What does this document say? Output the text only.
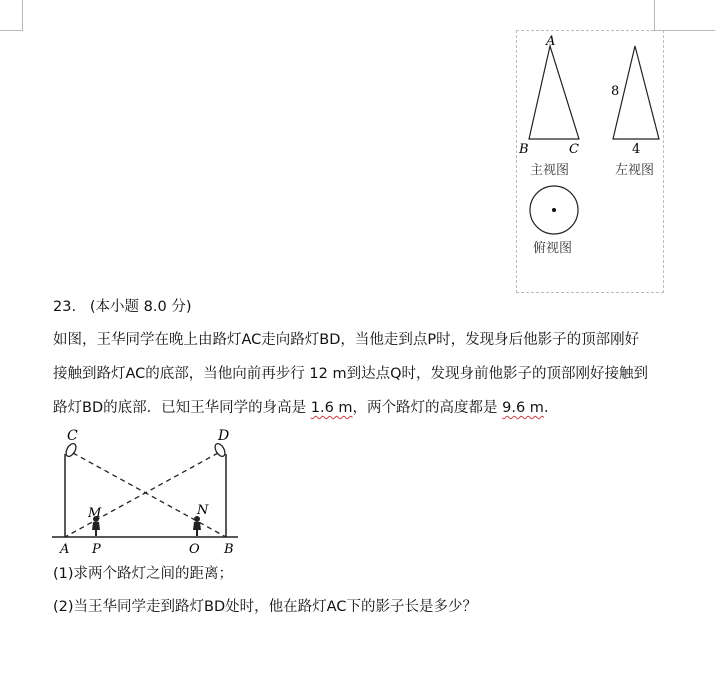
A
B	C
主视图
8
4
左视图
俯视图
23. (本小题 8.0 分)
如图，王华同学在晚上由路灯AC走向路灯BD，当他走到点P时，发现身后他影子的顶部刚好
接触到路灯AC的底部，当他向前再步行 12 m到达点Q时，发现身前他影子的顶部刚好接触到
路灯BD的底部．已知王华同学的身高是 1.6 m，两个路灯的高度都是 9.6 m．
C	D
M	N
A P	O B
(1)求两个路灯之间的距离；
(2)当王华同学走到路灯BD处时，他在路灯AC下的影子长是多少？
